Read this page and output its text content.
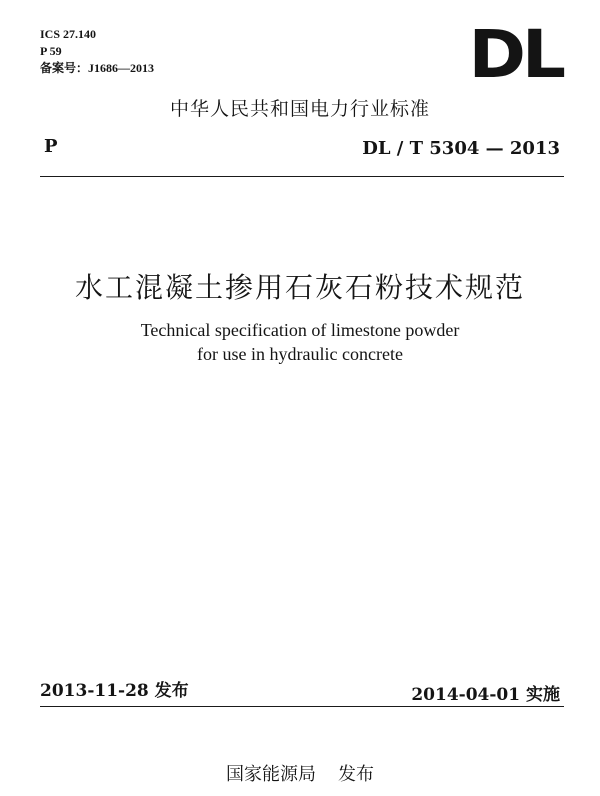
ICS 27.140
P 59
备案号：J1686—2013	DL
中华人民共和国电力行业标准
P	DL / T 5304 — 2013
水工混凝土掺用石灰石粉技术规范
Technical specification of limestone powder
for use in hydraulic concrete
2013-11-28 发布	2014-04-01 实施
国家能源局 发布
